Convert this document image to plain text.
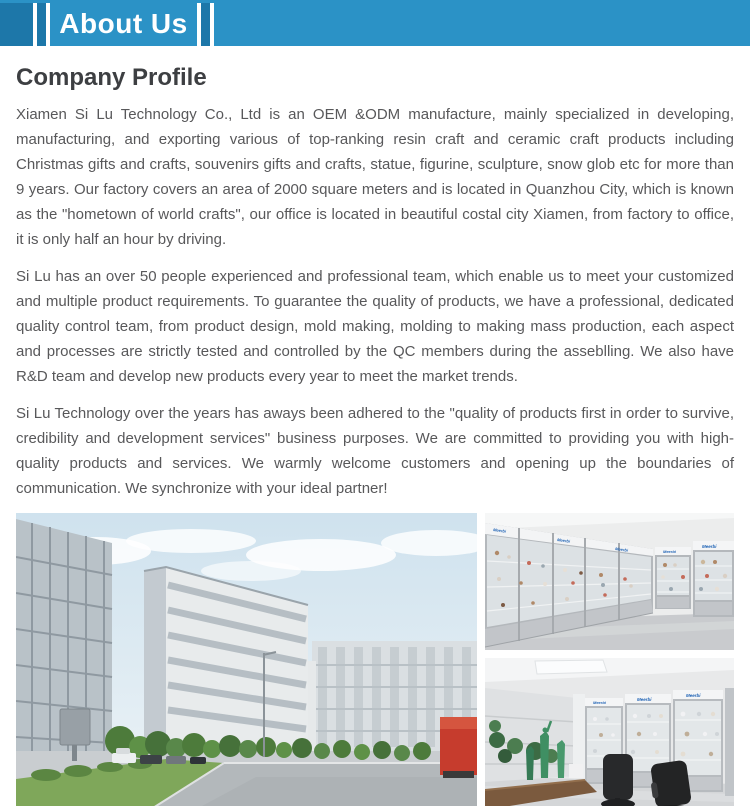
About Us
Company Profile

Xiamen Si Lu Technology Co., Ltd is an OEM &ODM manufacture, mainly specialized in developing, manufacturing, and exporting various of top-ranking resin craft and ceramic craft products including Christmas gifts and crafts, souvenirs gifts and crafts, statue, figurine, sculpture, snow glob etc for more than 9 years. Our factory covers an area of 2000 square meters and is located in Quanzhou City, which is known as the "hometown of world crafts", our office is located in beautiful costal city Xiamen, from factory to office, it is only half an hour by driving.

Si Lu has an over 50 people experienced and professional team, which enable us to meet your customized and multiple product requirements. To guarantee the quality of products, we have a professional, dedicated quality control team, from product design, mold making, molding to making mass production, each aspect and processes are strictly tested and controlled by the QC members during the asseblling. We also have R&D team and develop new products every year to meet the market trends.

Si Lu Technology over the years has aways been adhered to the "quality of products first in order to survive, credibility and development services" business purposes. We are committed to providing you with high-quality products and services. We warmly welcome customers and opening up the boundaries of communication. We synchronize with your ideal partner!

Meerbi
Meerbi
Meerbi	Meerbi
Meerbi
Meerbi
Meerbi
Meerbi
